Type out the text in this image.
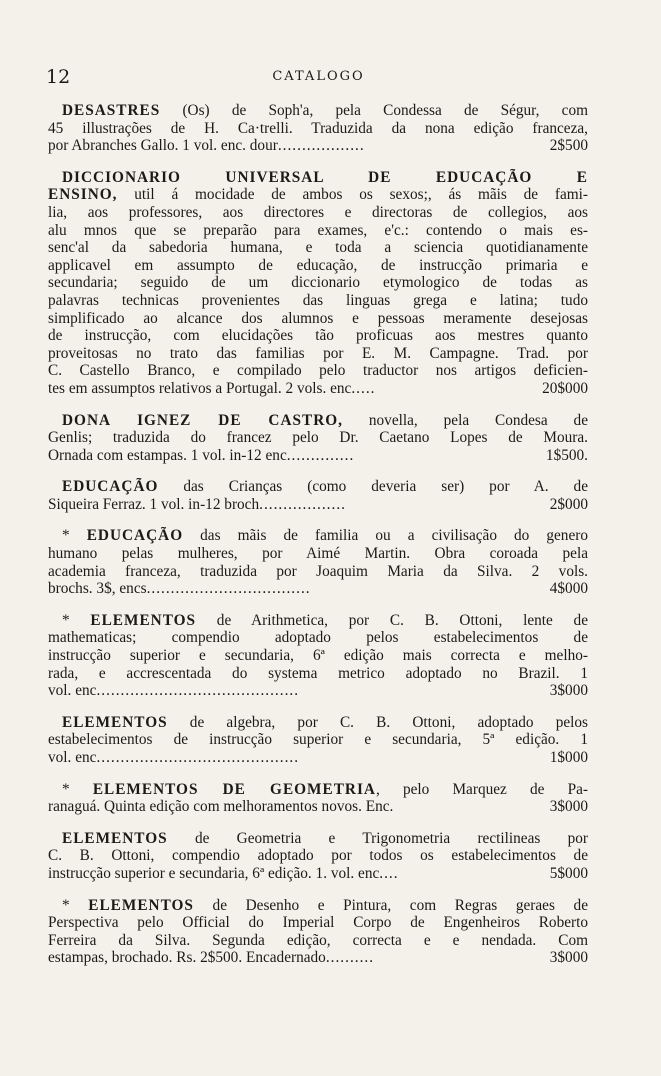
12	CATALOGO
DESASTRES (Os) de Soph'a, pela Condessa de Ségur, com
45 illustrações de H. Ca·trelli. Traduzida da nona edição franceza,
2$500
por Abranches Gallo. 1 vol. enc. dour..................
DICCIONARIO UNIVERSAL DE EDUCAÇÃO E
ENSINO, util á mocidade de ambos os sexos;, ás mãis de fami-
lia, aos professores, aos directores e directoras de collegios, aos
alu mnos que se preparão para exames, e'c.: contendo o mais es-
senc'al da sabedoria humana, e toda a sciencia quotidianamente
applicavel em assumpto de educação, de instrucção primaria e
secundaria; seguido de um diccionario etymologico de todas as
palavras technicas provenientes das linguas grega e latina; tudo
simplificado ao alcance dos alumnos e pessoas meramente desejosas
de instrucção, com elucidações tão proficuas aos mestres quanto
proveitosas no trato das familias por E. M. Campagne. Trad. por
C. Castello Branco, e compilado pelo traductor nos artigos deficien-
20$000
tes em assumptos relativos a Portugal. 2 vols. enc.....
DONA IGNEZ DE CASTRO, novella, pela Condesa de
Genlis; traduzida do francez pelo Dr. Caetano Lopes de Moura.
1$500.
Ornada com estampas. 1 vol. in-12 enc..............
EDUCAÇÃO das Crianças (como deveria ser) por A. de
2$000
Siqueira Ferraz. 1 vol. in-12 broch..................
* EDUCAÇÃO das mãis de familia ou a civilisação do genero
humano pelas mulheres, por Aimé Martin. Obra coroada pela
academia franceza, traduzida por Joaquim Maria da Silva. 2 vols.
4$000
brochs. 3$, encs..................................
* ELEMENTOS de Arithmetica, por C. B. Ottoni, lente de
mathematicas; compendio adoptado pelos estabelecimentos de
instrucção superior e secundaria, 6ª edição mais correcta e melho-
rada, e accrescentada do systema metrico adoptado no Brazil. 1
3$000
vol. enc..........................................
ELEMENTOS de algebra, por C. B. Ottoni, adoptado pelos
estabelecimentos de instrucção superior e secundaria, 5ª edição. 1
1$000
vol. enc..........................................
* ELEMENTOS DE GEOMETRIA, pelo Marquez de Pa-
3$000
ranaguá. Quinta edição com melhoramentos novos. Enc.
ELEMENTOS de Geometria e Trigonometria rectilineas por
C. B. Ottoni, compendio adoptado por todos os estabelecimentos de
5$000
instrucção superior e secundaria, 6ª edição. 1. vol. enc....
* ELEMENTOS de Desenho e Pintura, com Regras geraes de
Perspectiva pelo Official do Imperial Corpo de Engenheiros Roberto
Ferreira da Silva. Segunda edição, correcta e e nendada. Com
3$000
estampas, brochado. Rs. 2$500. Encadernado..........
